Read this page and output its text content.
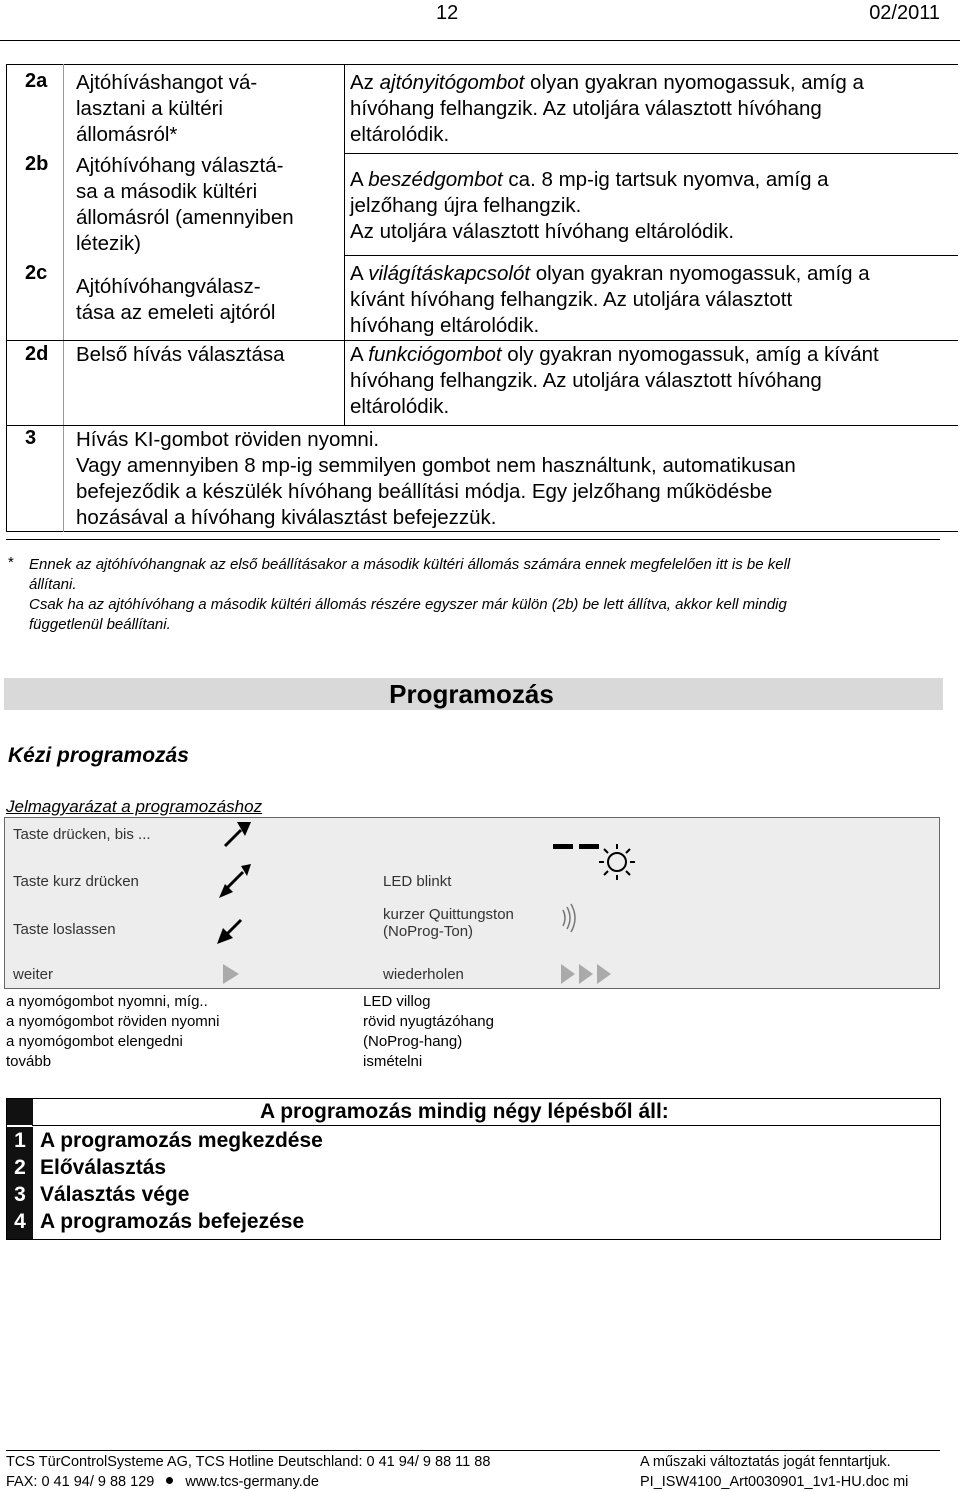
12	02/2011
2a Ajtóhíváshangot vá-
lasztani a kültéri
állomásról*
Az ajtónyitógombot olyan gyakran nyomogassuk, amíg a
hívóhang felhangzik. Az utoljára választott hívóhang
eltárolódik.
2b Ajtóhívóhang választá-
sa a második kültéri
állomásról (amennyiben
létezik)
A beszédgombot ca. 8 mp-ig tartsuk nyomva, amíg a
jelzőhang újra felhangzik.
Az utoljára választott hívóhang eltárolódik.
2c
Ajtóhívóhangválasz-
tása az emeleti ajtóról
A világításkapcsolót olyan gyakran nyomogassuk, amíg a
kívánt hívóhang felhangzik. Az utoljára választott
hívóhang eltárolódik.
2d Belső hívás választása	A funkciógombot oly gyakran nyomogassuk, amíg a kívánt
hívóhang felhangzik. Az utoljára választott hívóhang
eltárolódik.
3 Hívás KI-gombot röviden nyomni.
Vagy amennyiben 8 mp-ig semmilyen gombot nem használtunk, automatikusan
befejeződik a készülék hívóhang beállítási módja. Egy jelzőhang működésbe
hozásával a hívóhang kiválasztást befejezzük.
* Ennek az ajtóhívóhangnak az első beállításakor a második kültéri állomás számára ennek megfelelően itt is be kell
állítani.
Csak ha az ajtóhívóhang a második kültéri állomás részére egyszer már külön (2b) be lett állítva, akkor kell mindig
függetlenül beállítani.
Programozás
Kézi programozás
Jelmagyarázat a programozáshoz
Taste drücken, bis ...
Taste kurz drücken
Taste loslassen
weiter
LED blinkt
kurzer Quittungston
(NoProg-Ton)
wiederholen
a nyomógombot nyomni, míg..
a nyomógombot röviden nyomni
a nyomógombot elengedni
tovább
LED villog
rövid nyugtázóhang
(NoProg-hang)
ismételni
A programozás mindig négy lépésből áll:
1
2
3
4
A programozás megkezdése
Előválasztás
Választás vége
A programozás befejezése
TCS TürControlSysteme AG, TCS Hotline Deutschland: 0 41 94/ 9 88 11 88
FAX: 0 41 94/ 9 88 129 www.tcs-germany.de
A műszaki változtatás jogát fenntartjuk.
PI_ISW4100_Art0030901_1v1-HU.doc mi
